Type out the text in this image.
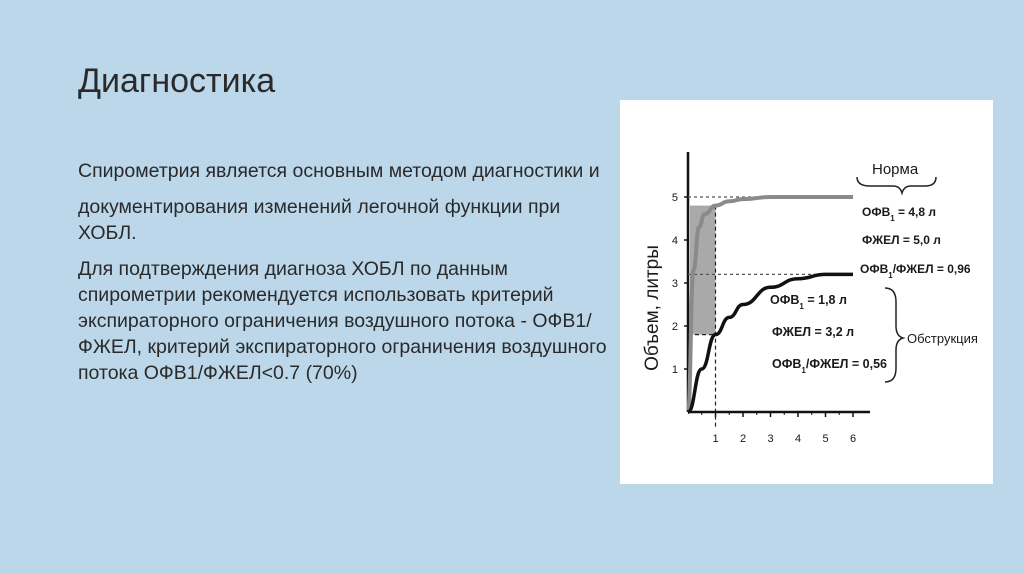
Диагностика

Спирометрия является основным методом диагностики и

документирования изменений легочной функции при ХОБЛ.

Для подтверждения диагноза ХОБЛ по данным спирометрии рекомендуется использовать критерий экспираторного ограничения воздушного потока - ОФВ1/ФЖЕЛ, критерий экспираторного ограничения воздушного потока ОФВ1/ФЖЕЛ<0.7 (70%)

Объем, литры 1
2
3
4
5
1 2 3 4 5 6
Норма
$ОФВ_1 = 4,8$ л
ФЖЕЛ = 5,0 л
$ОФВ_1$/ФЖЕЛ = 0,96
$ОФВ_1 = 1,8$ л
ФЖЕЛ = 3,2 л
$ОФВ_1$/ФЖЕЛ = 0,56
Обструкция
